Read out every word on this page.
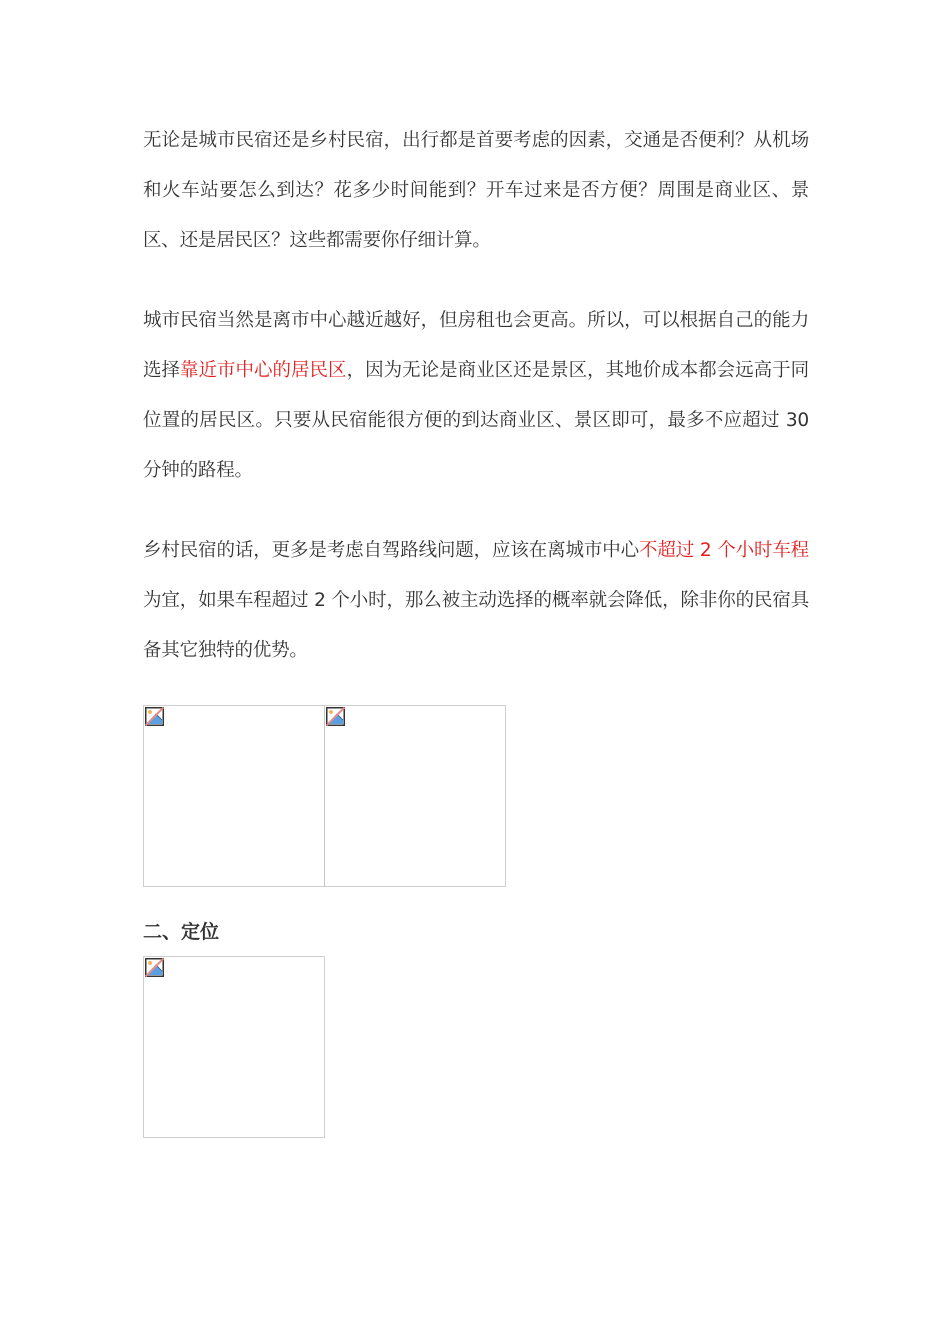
无论是城市民宿还是乡村民宿，出行都是首要考虑的因素，交通是否便利？从机场和火车站要怎么到达？花多少时间能到？开车过来是否方便？周围是商业区、景区、还是居民区？这些都需要你仔细计算。

城市民宿当然是离市中心越近越好，但房租也会更高。所以，可以根据自己的能力选择靠近市中心的居民区，因为无论是商业区还是景区，其地价成本都会远高于同位置的居民区。只要从民宿能很方便的到达商业区、景区即可，最多不应超过 30 分钟的路程。

乡村民宿的话，更多是考虑自驾路线问题，应该在离城市中心不超过 2 个小时车程为宜，如果车程超过 2 个小时，那么被主动选择的概率就会降低，除非你的民宿具备其它独特的优势。

二、定位
